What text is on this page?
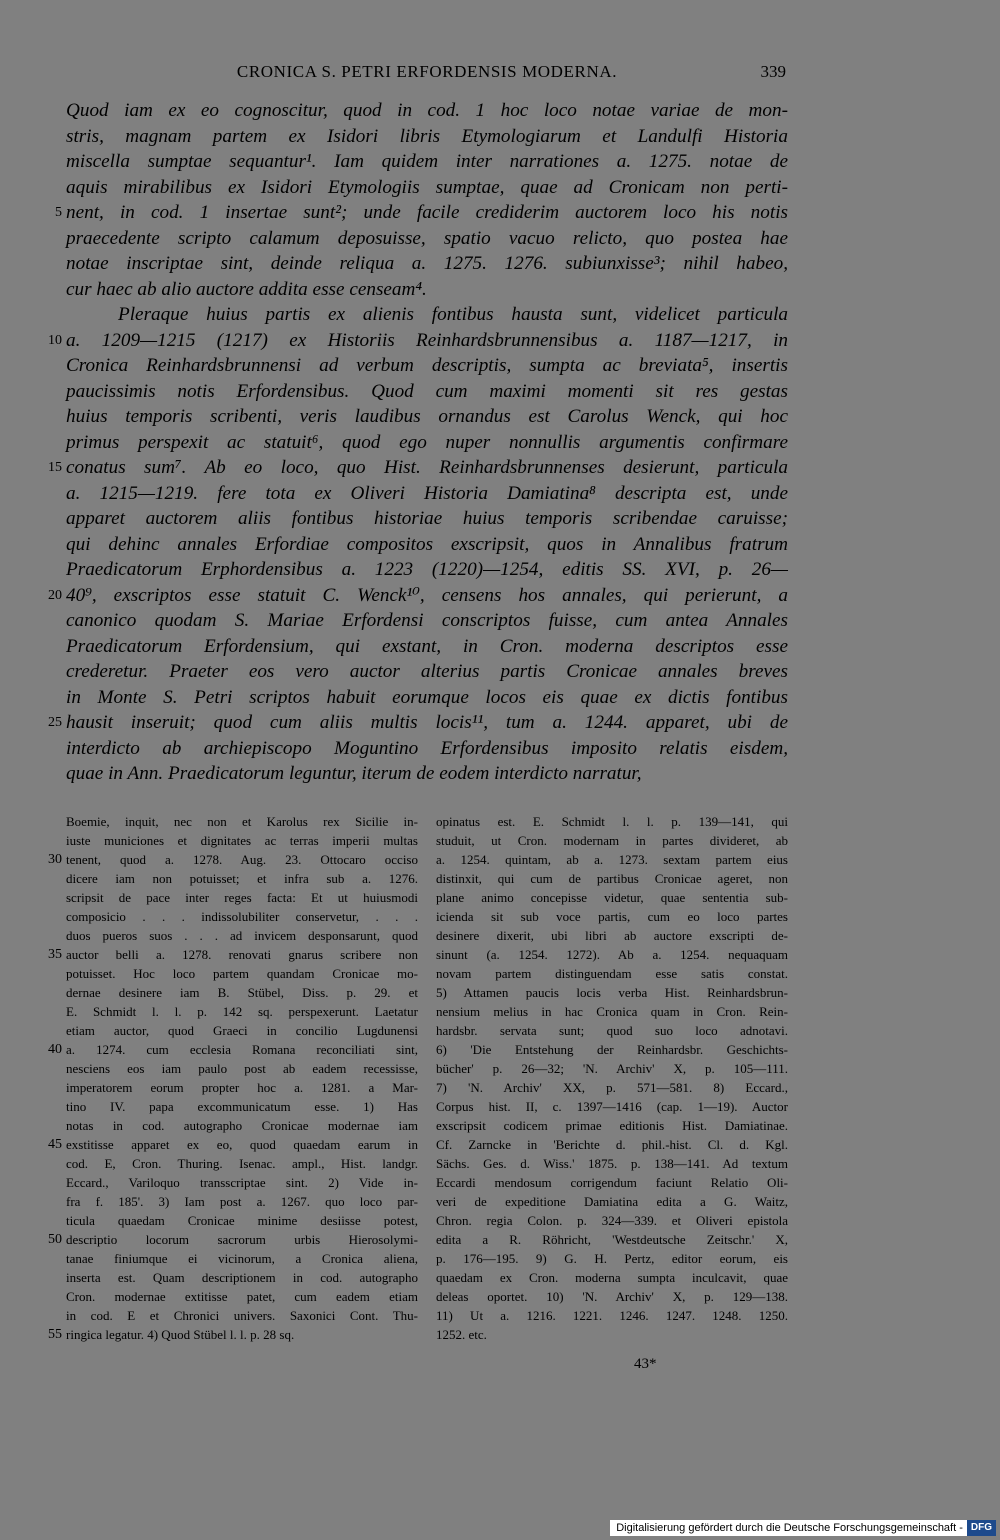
CRONICA S. PETRI ERFORDENSIS MODERNA.	339
5
10
15
20
25
Quod iam ex eo cognoscitur, quod in cod. 1 hoc loco notae variae de mon-
stris, magnam partem ex Isidori libris Etymologiarum et Landulfi Historia
miscella sumptae sequantur¹. Iam quidem inter narrationes a. 1275. notae de
aquis mirabilibus ex Isidori Etymologiis sumptae, quae ad Cronicam non perti-
nent, in cod. 1 insertae sunt²; unde facile crediderim auctorem loco his notis
praecedente scripto calamum deposuisse, spatio vacuo relicto, quo postea hae
notae inscriptae sint, deinde reliqua a. 1275. 1276. subiunxisse³; nihil habeo,
cur haec ab alio auctore addita esse censeam⁴.
Pleraque huius partis ex alienis fontibus hausta sunt, videlicet particula
a. 1209—1215 (1217) ex Historiis Reinhardsbrunnensibus a. 1187—1217, in
Cronica Reinhardsbrunnensi ad verbum descriptis, sumpta ac breviata⁵, insertis
paucissimis notis Erfordensibus. Quod cum maximi momenti sit res gestas
huius temporis scribenti, veris laudibus ornandus est Carolus Wenck, qui hoc
primus perspexit ac statuit⁶, quod ego nuper nonnullis argumentis confirmare
conatus sum⁷. Ab eo loco, quo Hist. Reinhardsbrunnenses desierunt, particula
a. 1215—1219. fere tota ex Oliveri Historia Damiatina⁸ descripta est, unde
apparet auctorem aliis fontibus historiae huius temporis scribendae caruisse;
qui dehinc annales Erfordiae compositos exscripsit, quos in Annalibus fratrum
Praedicatorum Erphordensibus a. 1223 (1220)—1254, editis SS. XVI, p. 26—
40⁹, exscriptos esse statuit C. Wenck¹⁰, censens hos annales, qui perierunt, a
canonico quodam S. Mariae Erfordensi conscriptos fuisse, cum antea Annales
Praedicatorum Erfordensium, qui exstant, in Cron. moderna descriptos esse
crederetur. Praeter eos vero auctor alterius partis Cronicae annales breves
in Monte S. Petri scriptos habuit eorumque locos eis quae ex dictis fontibus
hausit inseruit; quod cum aliis multis locis¹¹, tum a. 1244. apparet, ubi de
interdicto ab archiepiscopo Moguntino Erfordensibus imposito relatis eisdem,
quae in Ann. Praedicatorum leguntur, iterum de eodem interdicto narratur,
30
35
40
45
50
55
Boemie, inquit, nec non et Karolus rex Sicilie in-
iuste municiones et dignitates ac terras imperii multas
tenent, quod a. 1278. Aug. 23. Ottocaro occiso
dicere iam non potuisset; et infra sub a. 1276.
scripsit de pace inter reges facta: Et ut huiusmodi
composicio . . . indissolubiliter conservetur, . . .
duos pueros suos . . . ad invicem desponsarunt, quod
auctor belli a. 1278. renovati gnarus scribere non
potuisset. Hoc loco partem quandam Cronicae mo-
dernae desinere iam B. Stübel, Diss. p. 29. et
E. Schmidt l. l. p. 142 sq. perspexerunt. Laetatur
etiam auctor, quod Graeci in concilio Lugdunensi
a. 1274. cum ecclesia Romana reconciliati sint,
nesciens eos iam paulo post ab eadem recessisse,
imperatorem eorum propter hoc a. 1281. a Mar-
tino IV. papa excommunicatum esse. 1) Has
notas in cod. autographo Cronicae modernae iam
exstitisse apparet ex eo, quod quaedam earum in
cod. E, Cron. Thuring. Isenac. ampl., Hist. landgr.
Eccard., Variloquo transscriptae sint. 2) Vide in-
fra f. 185'. 3) Iam post a. 1267. quo loco par-
ticula quaedam Cronicae minime desiisse potest,
descriptio locorum sacrorum urbis Hierosolymi-
tanae finiumque ei vicinorum, a Cronica aliena,
inserta est. Quam descriptionem in cod. autographo
Cron. modernae extitisse patet, cum eadem etiam
in cod. E et Chronici univers. Saxonici Cont. Thu-
ringica legatur. 4) Quod Stübel l. l. p. 28 sq.
opinatus est. E. Schmidt l. l. p. 139—141, qui
studuit, ut Cron. modernam in partes divideret, ab
a. 1254. quintam, ab a. 1273. sextam partem eius
distinxit, qui cum de partibus Cronicae ageret, non
plane animo concepisse videtur, quae sententia sub-
icienda sit sub voce partis, cum eo loco partes
desinere dixerit, ubi libri ab auctore exscripti de-
sinunt (a. 1254. 1272). Ab a. 1254. nequaquam
novam partem distinguendam esse satis constat.
5) Attamen paucis locis verba Hist. Reinhardsbrun-
nensium melius in hac Cronica quam in Cron. Rein-
hardsbr. servata sunt; quod suo loco adnotavi.
6) 'Die Entstehung der Reinhardsbr. Geschichts-
bücher' p. 26—32; 'N. Archiv' X, p. 105—111.
7) 'N. Archiv' XX, p. 571—581. 8) Eccard.,
Corpus hist. II, c. 1397—1416 (cap. 1—19). Auctor
exscripsit codicem primae editionis Hist. Damiatinae.
Cf. Zarncke in 'Berichte d. phil.-hist. Cl. d. Kgl.
Sächs. Ges. d. Wiss.' 1875. p. 138—141. Ad textum
Eccardi mendosum corrigendum faciunt Relatio Oli-
veri de expeditione Damiatina edita a G. Waitz,
Chron. regia Colon. p. 324—339. et Oliveri epistola
edita a R. Röhricht, 'Westdeutsche Zeitschr.' X,
p. 176—195. 9) G. H. Pertz, editor eorum, eis
quaedam ex Cron. moderna sumpta inculcavit, quae
deleas oportet. 10) 'N. Archiv' X, p. 129—138.
11) Ut a. 1216. 1221. 1246. 1247. 1248. 1250.
1252. etc.
43*
Digitalisierung gefördert durch die Deutsche Forschungsgemeinschaft - DFG
